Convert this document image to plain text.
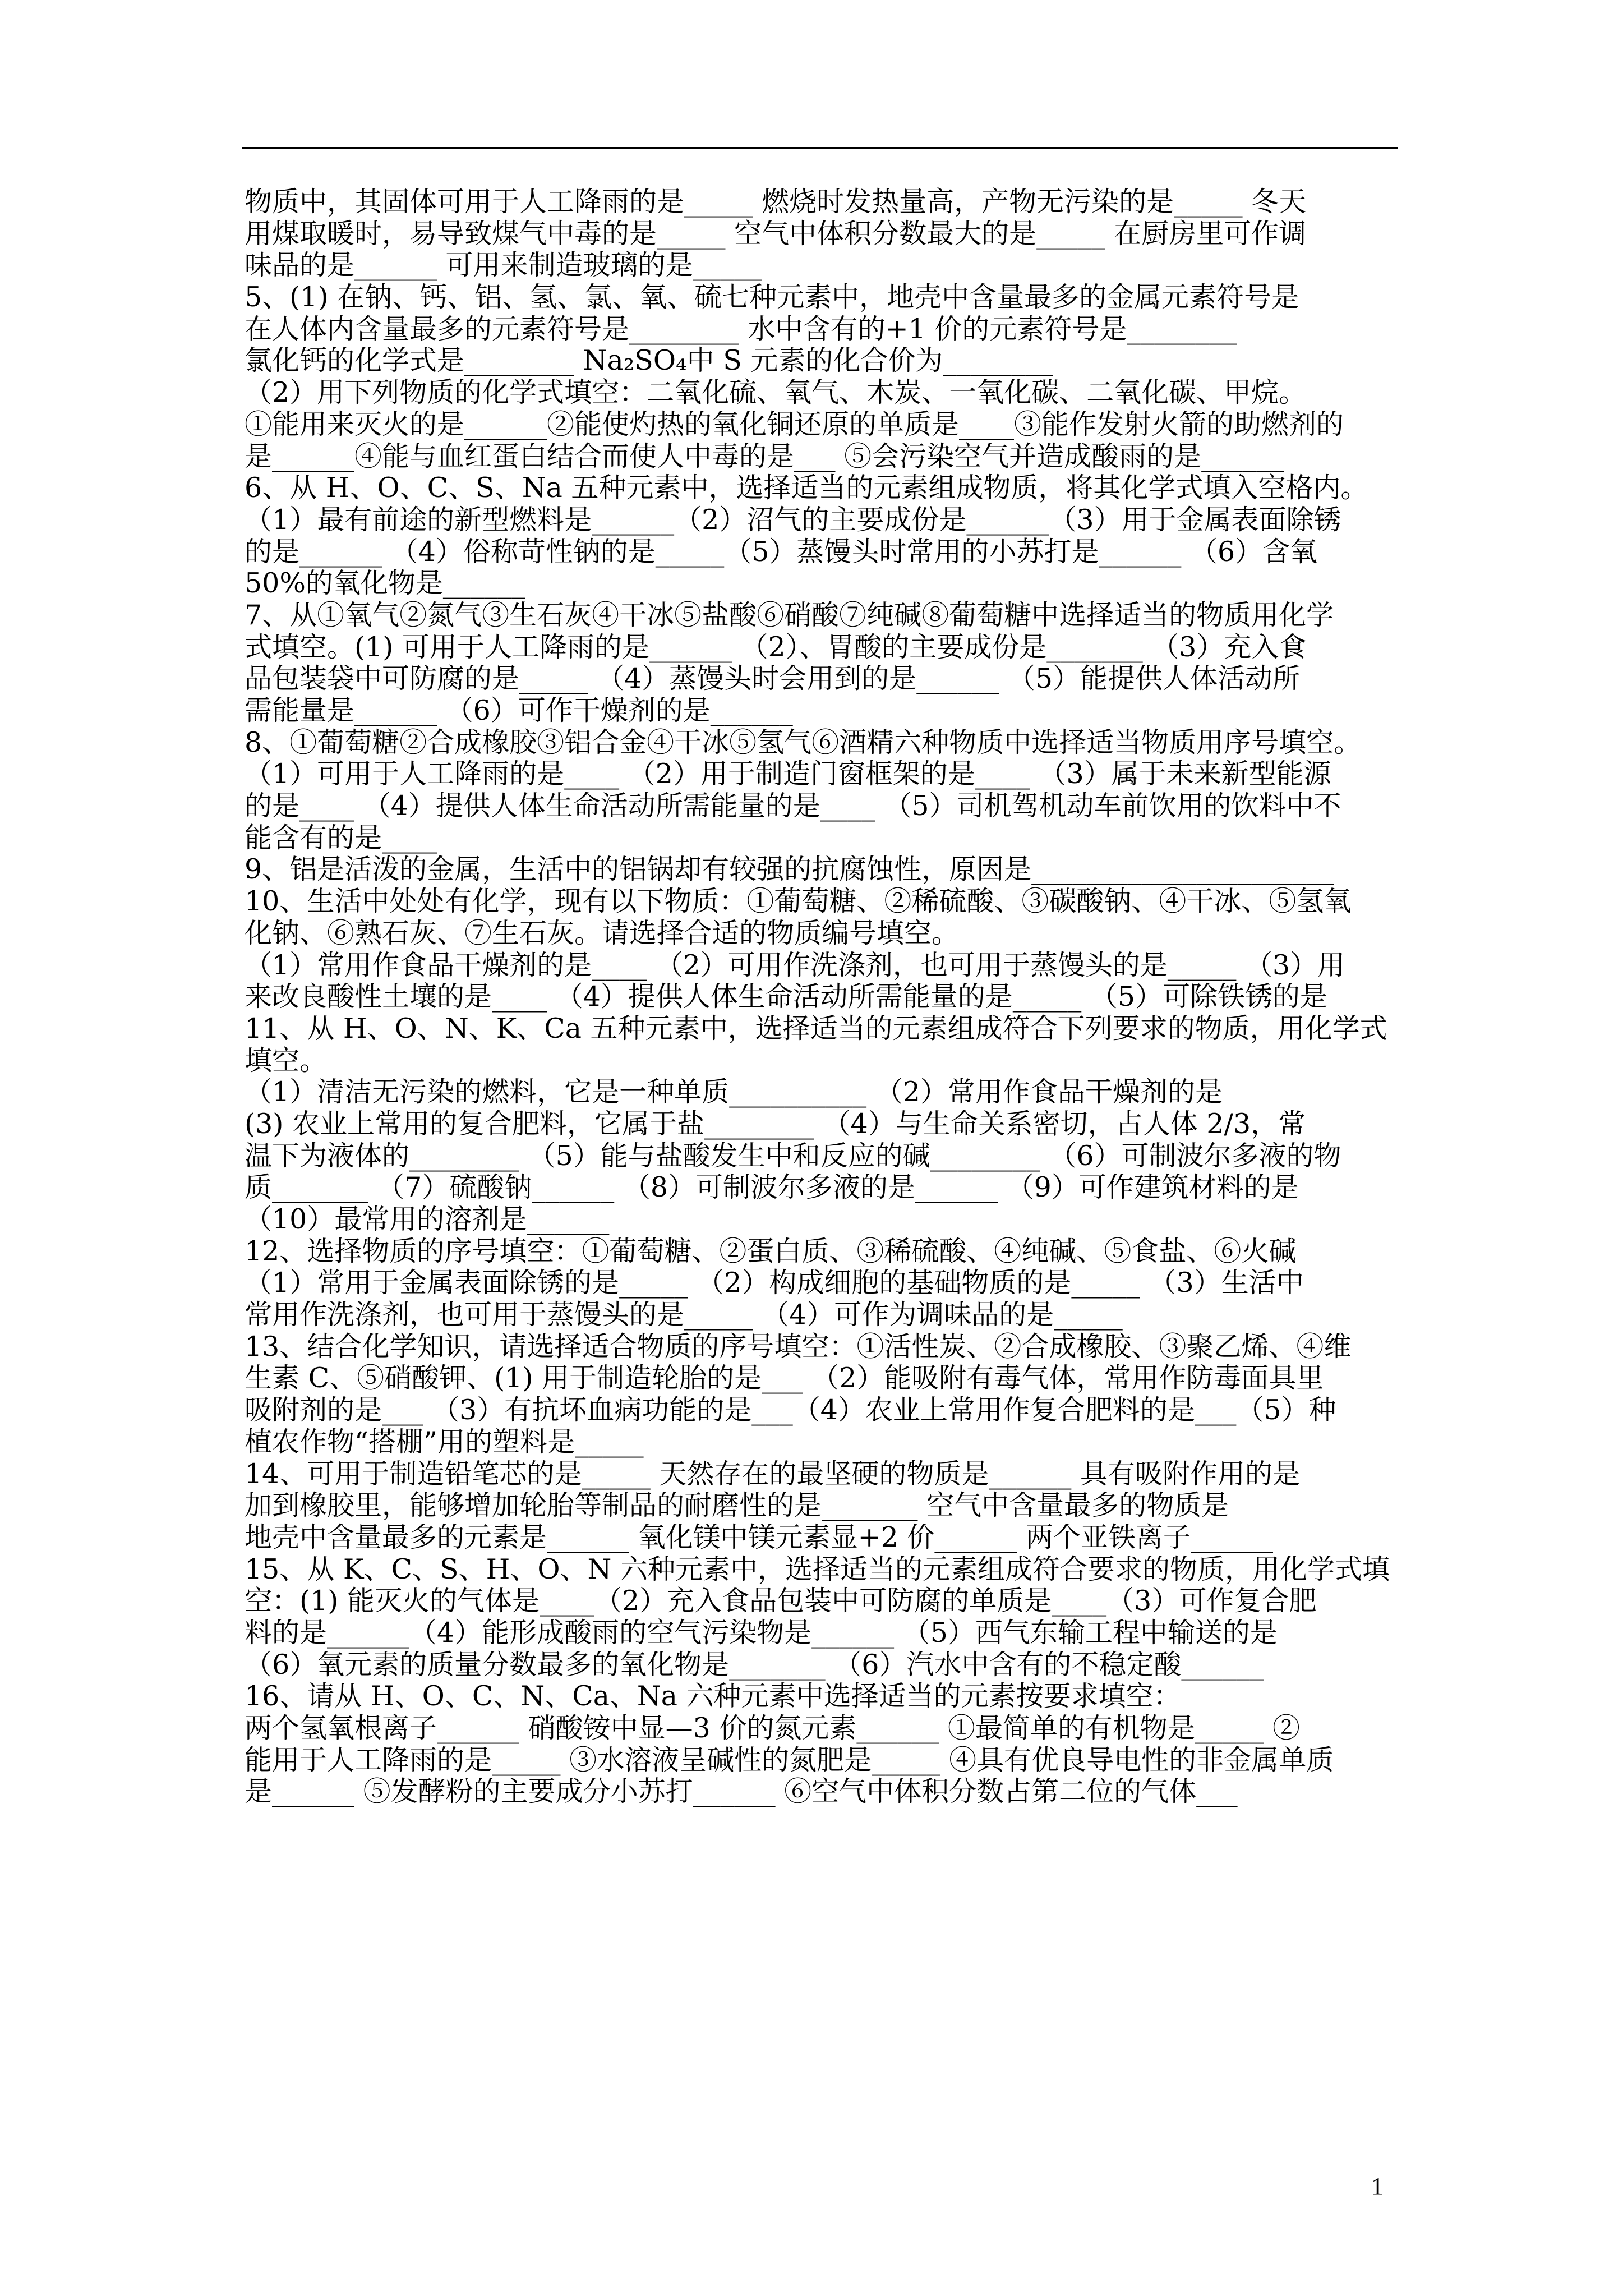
物质中，其固体可用于人工降雨的是_____ 燃烧时发热量高，产物无污染的是_____ 冬天
用煤取暖时，易导致煤气中毒的是_____ 空气中体积分数最大的是_____ 在厨房里可作调
味品的是______ 可用来制造玻璃的是_____
5、(1) 在钠、钙、铝、氢、氯、氧、硫七种元素中，地壳中含量最多的金属元素符号是
在人体内含量最多的元素符号是________ 水中含有的+1 价的元素符号是________
氯化钙的化学式是________ Na₂SO₄中 S 元素的化合价为________
（2）用下列物质的化学式填空：二氧化硫、氧气、木炭、一氧化碳、二氧化碳、甲烷。
①能用来灭火的是______②能使灼热的氧化铜还原的单质是____③能作发射火箭的助燃剂的
是______④能与血红蛋白结合而使人中毒的是___ ⑤会污染空气并造成酸雨的是______
6、从 H、O、C、S、Na 五种元素中，选择适当的元素组成物质，将其化学式填入空格内。
（1）最有前途的新型燃料是______（2）沼气的主要成份是______（3）用于金属表面除锈
的是______ （4）俗称苛性钠的是_____（5）蒸馒头时常用的小苏打是______ （6）含氧
50%的氧化物是______
7、从①氧气②氮气③生石灰④干冰⑤盐酸⑥硝酸⑦纯碱⑧葡萄糖中选择适当的物质用化学
式填空。(1) 可用于人工降雨的是______ （2）、胃酸的主要成份是_______ （3）充入食
品包装袋中可防腐的是_____ （4）蒸馒头时会用到的是______ （5）能提供人体活动所
需能量是______ （6）可作干燥剂的是______
8、①葡萄糖②合成橡胶③铝合金④干冰⑤氢气⑥酒精六种物质中选择适当物质用序号填空。
（1）可用于人工降雨的是____ （2）用于制造门窗框架的是____ （3）属于未来新型能源
的是____ （4）提供人体生命活动所需能量的是____ （5）司机驾机动车前饮用的饮料中不
能含有的是____
9、铝是活泼的金属，生活中的铝锅却有较强的抗腐蚀性，原因是______________________
10、生活中处处有化学，现有以下物质：①葡萄糖、②稀硫酸、③碳酸钠、④干冰、⑤氢氧
化钠、⑥熟石灰、⑦生石灰。请选择合适的物质编号填空。
（1）常用作食品干燥剂的是____ （2）可用作洗涤剂，也可用于蒸馒头的是_____ （3）用
来改良酸性土壤的是____ （4）提供人体生命活动所需能量的是_____ （5）可除铁锈的是
11、从 H、O、N、K、Ca 五种元素中，选择适当的元素组成符合下列要求的物质，用化学式
填空。
（1）清洁无污染的燃料，它是一种单质__________ （2）常用作食品干燥剂的是
(3) 农业上常用的复合肥料，它属于盐________ （4）与生命关系密切，占人体 2/3，常
温下为液体的________ （5）能与盐酸发生中和反应的碱________ （6）可制波尔多液的物
质_______ （7）硫酸钠______ （8）可制波尔多液的是______ （9）可作建筑材料的是
（10）最常用的溶剂是______
12、选择物质的序号填空：①葡萄糖、②蛋白质、③稀硫酸、④纯碱、⑤食盐、⑥火碱
（1）常用于金属表面除锈的是_____ （2）构成细胞的基础物质的是_____ （3）生活中
常用作洗涤剂，也可用于蒸馒头的是_____ （4）可作为调味品的是_____
13、结合化学知识，请选择适合物质的序号填空：①活性炭、②合成橡胶、③聚乙烯、④维
生素 C、⑤硝酸钾、(1) 用于制造轮胎的是___ （2）能吸附有毒气体，常用作防毒面具里
吸附剂的是___ （3）有抗坏血病功能的是___（4）农业上常用作复合肥料的是___（5）种
植农作物“搭棚”用的塑料是_____
14、可用于制造铅笔芯的是_____ 天然存在的最坚硬的物质是______ 具有吸附作用的是
加到橡胶里，能够增加轮胎等制品的耐磨性的是_______ 空气中含量最多的物质是
地壳中含量最多的元素是______ 氧化镁中镁元素显+2 价______ 两个亚铁离子______
15、从 K、C、S、H、O、N 六种元素中，选择适当的元素组成符合要求的物质，用化学式填
空：(1) 能灭火的气体是____（2）充入食品包装中可防腐的单质是____（3）可作复合肥
料的是______（4）能形成酸雨的空气污染物是______ （5）西气东输工程中输送的是
（6）氧元素的质量分数最多的氧化物是_______ （6）汽水中含有的不稳定酸______
16、请从 H、O、C、N、Ca、Na 六种元素中选择适当的元素按要求填空：
两个氢氧根离子______ 硝酸铵中显—3 价的氮元素______ ①最简单的有机物是_____ ②
能用于人工降雨的是_____ ③水溶液呈碱性的氮肥是_____ ④具有优良导电性的非金属单质
是______ ⑤发酵粉的主要成分小苏打______ ⑥空气中体积分数占第二位的气体___
1
